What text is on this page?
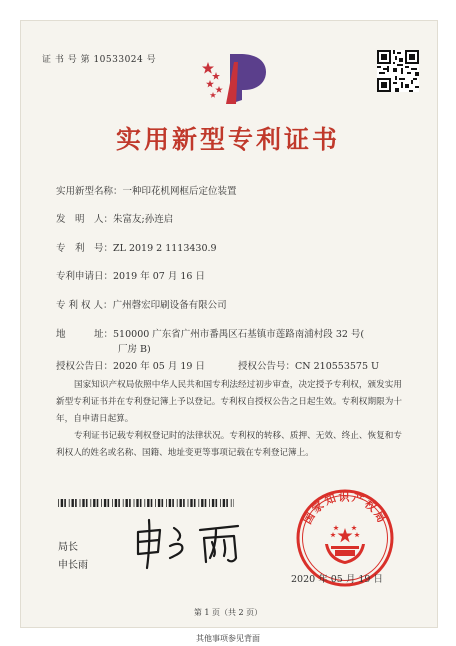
证 书 号 第 10533024 号
实用新型专利证书
实用新型名称：一种印花机网框后定位装置
发　明　人：朱富友;孙连启
专　利　号：ZL 2019 2 1113430.9
专利申请日：2019 年 07 月 16 日
专 利 权 人：广州磬宏印刷设备有限公司
地　　　址：510000 广东省广州市番禺区石基镇市莲路南浦村段 32 号(
厂房 B)
授权公告日：2020 年 05 月 19 日	授权公告号：CN 210553575 U
国家知识产权局依照中华人民共和国专利法经过初步审查，决定授予专利权，颁发实用新型专利证书并在专利登记簿上予以登记。专利权自授权公告之日起生效。专利权期限为十年，自申请日起算。
专利证书记载专利权登记时的法律状况。专利权的转移、质押、无效、终止、恢复和专利权人的姓名或名称、国籍、地址变更等事项记载在专利登记簿上。
局长
申长雨
国家知识产权局
2020 年 05 月 19 日
第 1 页（共 2 页）
其他事项参见背面
